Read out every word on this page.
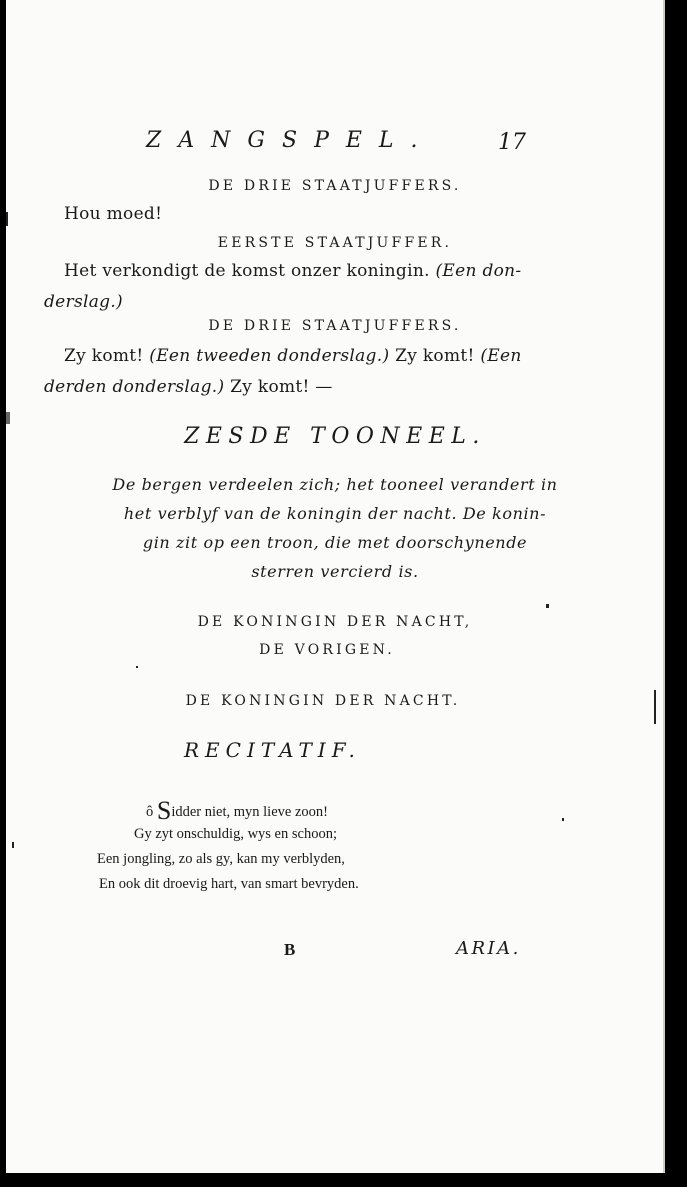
ZANGSPEL.	17
DE DRIE STAATJUFFERS.
Hou moed!
EERSTE STAATJUFFER.
Het verkondigt de komst onzer koningin. (Een don-
derslag.)
DE DRIE STAATJUFFERS.
Zy komt! (Een tweeden donderslag.) Zy komt! (Een
derden donderslag.) Zy komt! —
ZESDE TOONEEL.
De bergen verdeelen zich; het tooneel verandert in
het verblyf van de koningin der nacht. De konin-
gin zit op een troon, die met doorschynende
sterren vercierd is.
DE KONINGIN DER NACHT,
DE VORIGEN.
DE KONINGIN DER NACHT.
RECITATIF.
ô Sidder niet, myn lieve zoon!
Gy zyt onschuldig, wys en schoon;
Een jongling, zo als gy, kan my verblyden,
En ook dit droevig hart, van smart bevryden.
B	ARIA.
